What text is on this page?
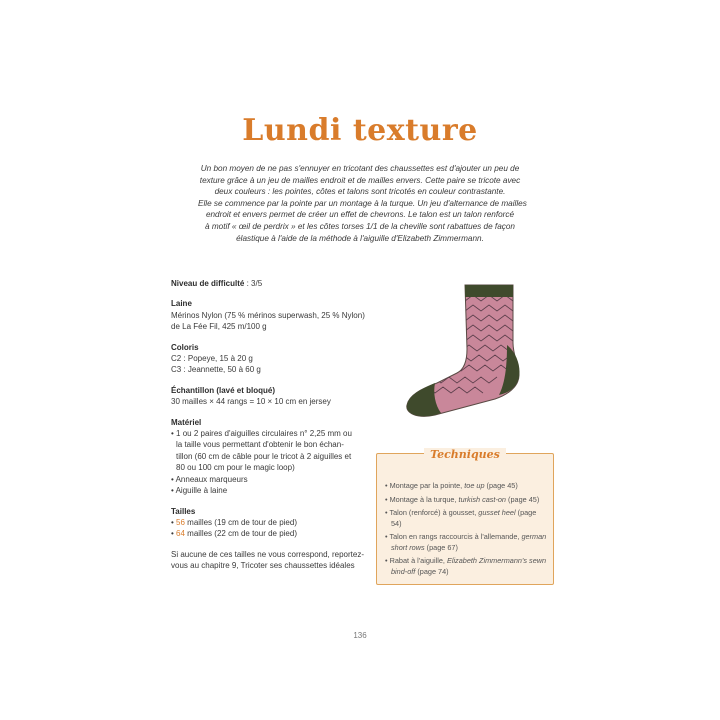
Lundi texture
Un bon moyen de ne pas s'ennuyer en tricotant des chaussettes est d'ajouter un peu de
texture grâce à un jeu de mailles endroit et de mailles envers. Cette paire se tricote avec
deux couleurs : les pointes, côtes et talons sont tricotés en couleur contrastante.
Elle se commence par la pointe par un montage à la turque. Un jeu d'alternance de mailles
endroit et envers permet de créer un effet de chevrons. Le talon est un talon renforcé
à motif « œil de perdrix » et les côtes torses 1/1 de la cheville sont rabattues de façon
élastique à l'aide de la méthode à l'aiguille d'Elizabeth Zimmermann.
Niveau de difficulté : 3/5
Laine
Mérinos Nylon (75 % mérinos superwash, 25 % Nylon)
de La Fée Fil, 425 m/100 g
Coloris
C2 : Popeye, 15 à 20 g
C3 : Jeannette, 50 à 60 g
Échantillon (lavé et bloqué)
30 mailles × 44 rangs = 10 × 10 cm en jersey
Matériel
• 1 ou 2 paires d'aiguilles circulaires n° 2,25 mm ou
la taille vous permettant d'obtenir le bon échan-
tillon (60 cm de câble pour le tricot à 2 aiguilles et
80 ou 100 cm pour le magic loop)
• Anneaux marqueurs
• Aiguille à laine
Tailles
• 56 mailles (19 cm de tour de pied)
• 64 mailles (22 cm de tour de pied)
Si aucune de ces tailles ne vous correspond, reportez-
vous au chapitre 9, Tricoter ses chaussettes idéales
Techniques
• Montage par la pointe, toe up (page 45)
• Montage à la turque, turkish cast-on (page 45)
• Talon (renforcé) à gousset, gusset heel (page 54)
• Talon en rangs raccourcis à l'allemande, german short rows (page 67)
• Rabat à l'aiguille, Elizabeth Zimmermann's sewn bind-off (page 74)
136
